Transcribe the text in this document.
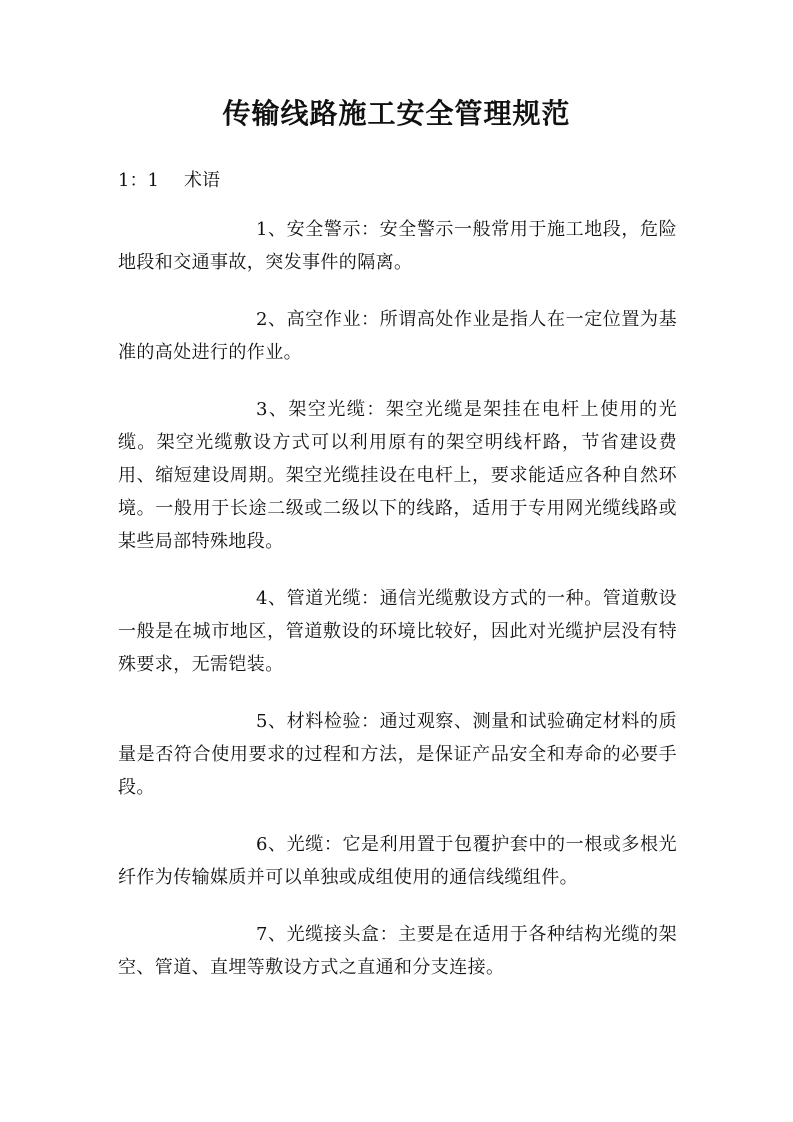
传输线路施工安全管理规范
1：1 术语

1、安全警示：安全警示一般常用于施工地段，危险地段和交通事故，突发事件的隔离。

2、高空作业：所谓高处作业是指人在一定位置为基准的高处进行的作业。

3、架空光缆：架空光缆是架挂在电杆上使用的光缆。架空光缆敷设方式可以利用原有的架空明线杆路，节省建设费用、缩短建设周期。架空光缆挂设在电杆上，要求能适应各种自然环境。一般用于长途二级或二级以下的线路，适用于专用网光缆线路或某些局部特殊地段。

4、管道光缆：通信光缆敷设方式的一种。管道敷设一般是在城市地区，管道敷设的环境比较好，因此对光缆护层没有特殊要求，无需铠装。

5、材料检验：通过观察、测量和试验确定材料的质量是否符合使用要求的过程和方法，是保证产品安全和寿命的必要手段。

6、光缆：它是利用置于包覆护套中的一根或多根光纤作为传输媒质并可以单独或成组使用的通信线缆组件。

7、光缆接头盒：主要是在适用于各种结构光缆的架空、管道、直埋等敷设方式之直通和分支连接。
